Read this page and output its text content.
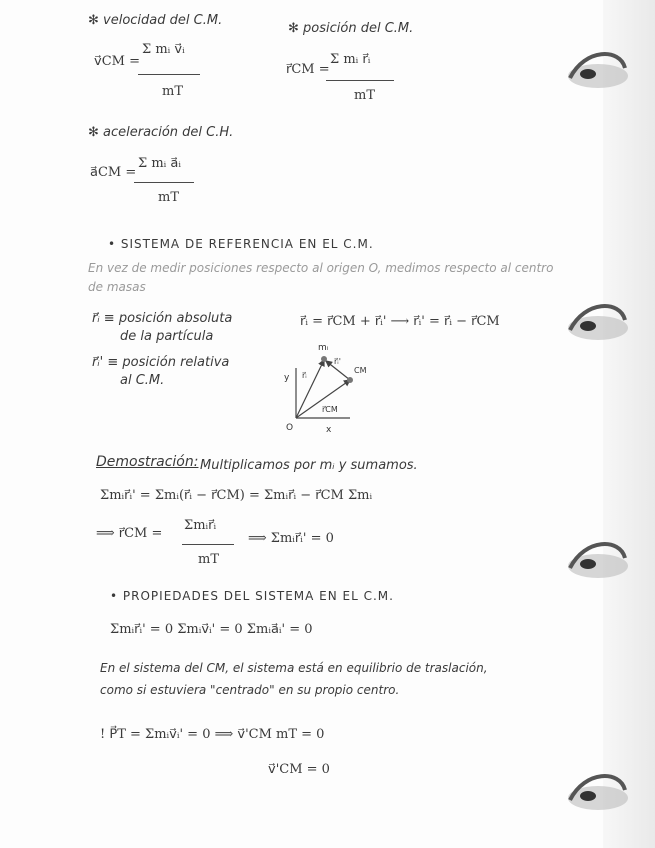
✻ velocidad del C.M.
v⃗CM =
Σ mᵢ v⃗ᵢ
mT
✻ posición del C.M.
r⃗CM =
Σ mᵢ r⃗ᵢ
mT
✻ aceleración del C.H.
a⃗CM =
Σ mᵢ a⃗ᵢ
mT
• SISTEMA DE REFERENCIA EN EL C.M.
En vez de medir posiciones respecto al origen O, medimos respecto al centro
de masas
r⃗ᵢ ≡ posición absoluta
de la partícula
r⃗ᵢ' ≡ posición relativa
al C.M.
r⃗ᵢ = r⃗CM + r⃗ᵢ' ⟶ r⃗ᵢ' = r⃗ᵢ − r⃗CM
mᵢ
r⃗ᵢ'
r⃗ᵢ
CM
r⃗CM
O	x
y
Demostración: Multiplicamos por mᵢ y sumamos.
Σmᵢr⃗ᵢ' = Σmᵢ(r⃗ᵢ − r⃗CM) = Σmᵢr⃗ᵢ − r⃗CM Σmᵢ
⟹ r⃗CM =
Σmᵢr⃗ᵢ
mT
⟹ Σmᵢr⃗ᵢ' = 0
• PROPIEDADES DEL SISTEMA EN EL C.M.
Σmᵢr⃗ᵢ' = 0 Σmᵢv⃗ᵢ' = 0 Σmᵢa⃗ᵢ' = 0
En el sistema del CM, el sistema está en equilibrio de traslación,
como si estuviera "centrado" en su propio centro.
! P⃗T = Σmᵢv⃗ᵢ' = 0 ⟹ v⃗'CM mT = 0
v⃗'CM = 0
